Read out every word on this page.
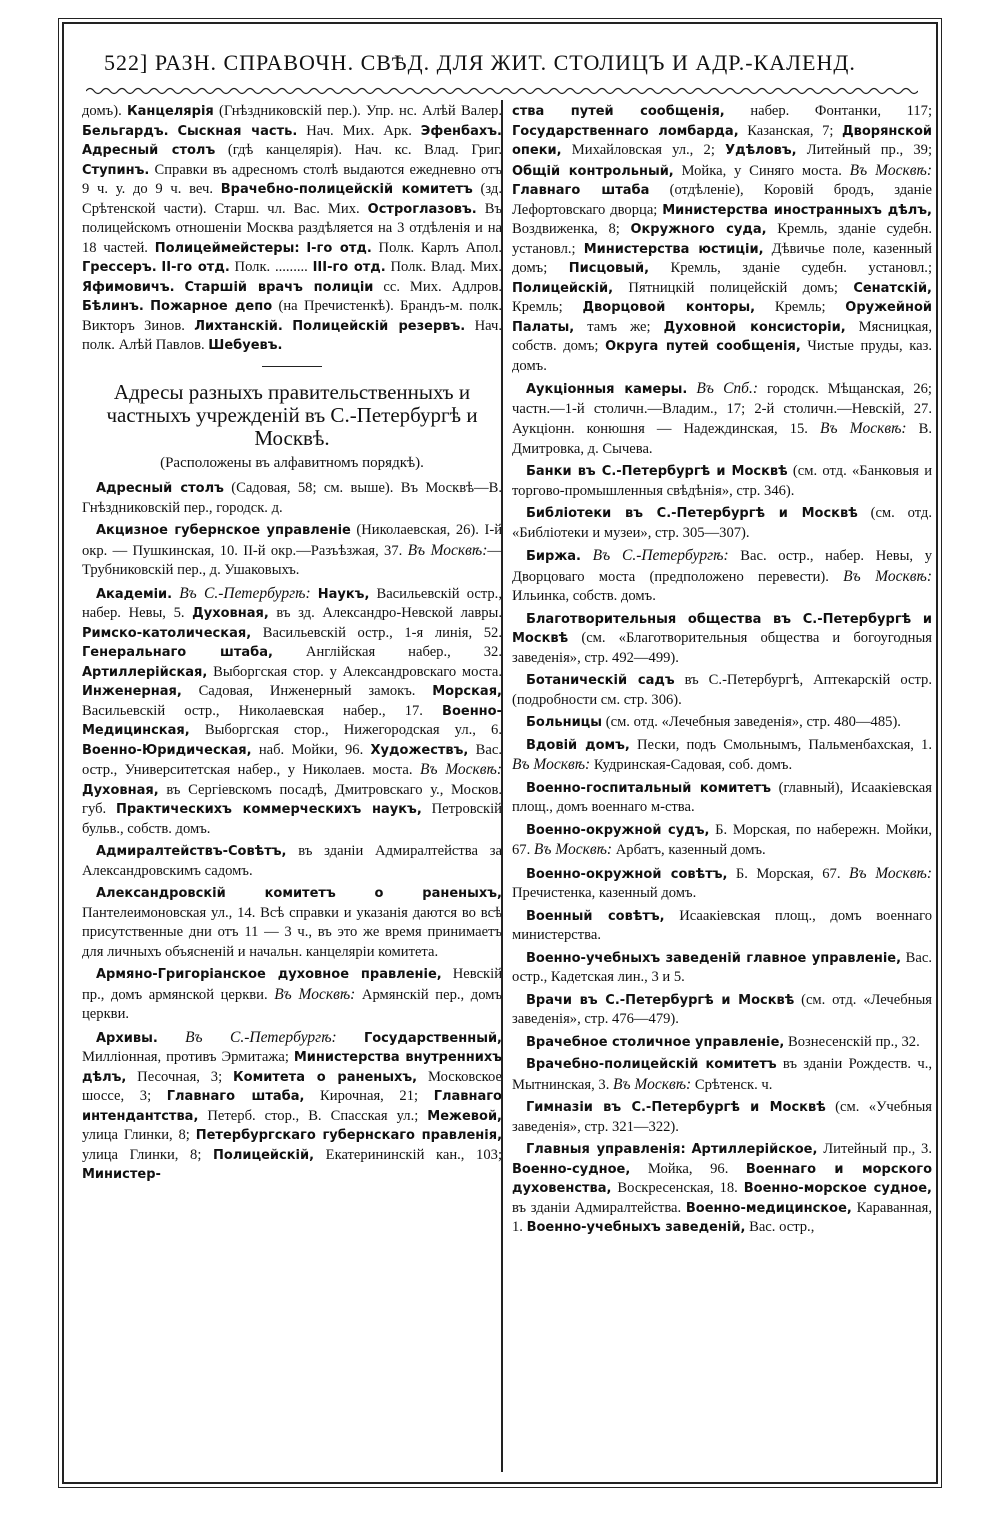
522] РАЗН. СПРАВОЧН. СВѢД. ДЛЯ ЖИТ. СТОЛИЦЪ И АДР.-КАЛЕНД.
домъ). Канцелярія (Гнѣздниковскій пер.). Упр. нс. Алѣй Валер. Бельгардъ. Сыскная часть. Нач. Мих. Арк. Эфенбахъ. Адресный столъ (гдѣ канцелярія). Нач. кс. Влад. Григ. Ступинъ. Справки въ адресномъ столѣ выдаются ежедневно отъ 9 ч. у. до 9 ч. веч. Врачебно-полицейскій комитетъ (зд. Срѣтенской части). Старш. чл. Вас. Мих. Остроглазовъ. Въ полицейскомъ отношеніи Москва раздѣляется на 3 отдѣленія и на 18 частей. Полицеймейстеры: I-го отд. Полк. Карлъ Апол. Грессеръ. II-го отд. Полк. ......... III-го отд. Полк. Влад. Мих. Яфимовичъ. Старшій врачъ полиціи сс. Мих. Адлров. Бѣлинъ. Пожарное депо (на Пречистенкѣ). Брандъ-м. полк. Викторъ Зинов. Лихтанскій. Полицейскій резервъ. Нач. полк. Алѣй Павлов. Шебуевъ.
Адресы разныхъ правительственныхъ и частныхъ учрежденій въ С.-Петербургѣ и Москвѣ.
(Расположены въ алфавитномъ порядкѣ).
Адресный столъ (Садовая, 58; см. выше). Въ Москвѣ—В. Гнѣздниковскій пер., городск. д.
Акцизное губернское управленіе (Николаевская, 26). I-й окр. — Пушкинская, 10. II-й окр.—Разъѣзжая, 37. Въ Москвѣ:—Трубниковскій пер., д. Ушаковыхъ.
Академіи. Въ С.-Петербургѣ: Наукъ, Васильевскій остр., набер. Невы, 5. Духовная, въ зд. Александро-Невской лавры. Римско-католическая, Васильевскій остр., 1-я линія, 52. Генеральнаго штаба, Англійская набер., 32. Артиллерійская, Выборгская стор. у Александровскаго моста. Инженерная, Садовая, Инженерный замокъ. Морская, Васильевскій остр., Николаевская набер., 17. Военно-Медицинская, Выборгская стор., Нижегородская ул., 6. Военно-Юридическая, наб. Мойки, 96. Художествъ, Вас. остр., Университетская набер., у Николаев. моста. Въ Москвѣ: Духовная, въ Сергіевскомъ посадѣ, Дмитровскаго у., Москов. губ. Практическихъ коммерческихъ наукъ, Петровскій бульв., собств. домъ.
Адмиралтействъ-Совѣтъ, въ зданіи Адмиралтейства за Александровскимъ садомъ.
Александровскій комитетъ о раненыхъ, Пантелеимоновская ул., 14. Всѣ справки и указанія даются во всѣ присутственные дни отъ 11 — 3 ч., въ это же время принимаетъ для личныхъ объясненій и начальн. канцеляріи комитета.
Армяно-Григоріанское духовное правленіе, Невскій пр., домъ армянской церкви. Въ Москвѣ: Армянскій пер., домъ церкви.
Архивы. Въ С.-Петербургѣ: Государственный, Милліонная, противъ Эрмитажа; Министерства внутреннихъ дѣлъ, Песочная, 3; Комитета о раненыхъ, Московское шоссе, 3; Главнаго штаба, Кирочная, 21; Главнаго интендантства, Петерб. стор., В. Спасская ул.; Межевой, улица Глинки, 8; Петербургскаго губернскаго правленія, улица Глинки, 8; Полицейскій, Екатерининскій кан., 103; Министер-
ства путей сообщенія, набер. Фонтанки, 117; Государственнаго ломбарда, Казанская, 7; Дворянской опеки, Михайловская ул., 2; Удѣловъ, Литейный пр., 39; Общій контрольный, Мойка, у Синяго моста. Въ Москвѣ: Главнаго штаба (отдѣленіе), Коровій бродъ, зданіе Лефортовскаго дворца; Министерства иностранныхъ дѣлъ, Воздвиженка, 8; Окружного суда, Кремль, зданіе судебн. установл.; Министерства юстиціи, Дѣвичье поле, казенный домъ; Писцовый, Кремль, зданіе судебн. установл.; Полицейскій, Пятницкій полицейскій домъ; Сенатскій, Кремль; Дворцовой конторы, Кремль; Оружейной Палаты, тамъ же; Духовной консисторіи, Мясницкая, собств. домъ; Округа путей сообщенія, Чистые пруды, каз. домъ.
Аукціонныя камеры. Въ Спб.: городск. Мѣщанская, 26; частн.—1-й столичн.—Владим., 17; 2-й столичн.—Невскій, 27. Аукціонн. конюшня — Надеждинская, 15. Въ Москвѣ: В. Дмитровка, д. Сычева.
Банки въ С.-Петербургѣ и Москвѣ (см. отд. «Банковыя и торгово-промышленныя свѣдѣнія», стр. 346).
Библіотеки въ С.-Петербургѣ и Москвѣ (см. отд. «Библіотеки и музеи», стр. 305—307).
Биржа. Въ С.-Петербургѣ: Вас. остр., набер. Невы, у Дворцоваго моста (предположено перевести). Въ Москвѣ: Ильинка, собств. домъ.
Благотворительныя общества въ С.-Петербургѣ и Москвѣ (см. «Благотворительныя общества и богоугодныя заведенія», стр. 492—499).
Ботаническій садъ въ С.-Петербургѣ, Аптекарскій остр. (подробности см. стр. 306).
Больницы (см. отд. «Лечебныя заведенія», стр. 480—485).
Вдовій домъ, Пески, подъ Смольнымъ, Пальменбахская, 1. Въ Москвѣ: Кудринская-Садовая, соб. домъ.
Военно-госпитальный комитетъ (главный), Исаакіевская площ., домъ военнаго м-ства.
Военно-окружной судъ, Б. Морская, по набережн. Мойки, 67. Въ Москвѣ: Арбатъ, казенный домъ.
Военно-окружной совѣтъ, Б. Морская, 67. Въ Москвѣ: Пречистенка, казенный домъ.
Военный совѣтъ, Исаакіевская площ., домъ военнаго министерства.
Военно-учебныхъ заведеній главное управленіе, Вас. остр., Кадетская лин., 3 и 5.
Врачи въ С.-Петербургѣ и Москвѣ (см. отд. «Лечебныя заведенія», стр. 476—479).
Врачебное столичное управленіе, Вознесенскій пр., 32.
Врачебно-полицейскій комитетъ въ зданіи Рождеств. ч., Мытнинская, 3. Въ Москвѣ: Срѣтенск. ч.
Гимназіи въ С.-Петербургѣ и Москвѣ (см. «Учебныя заведенія», стр. 321—322).
Главныя управленія: Артиллерійское, Литейный пр., 3. Военно-судное, Мойка, 96. Военнаго и морского духовенства, Воскресенская, 18. Военно-морское судное, въ зданіи Адмиралтейства. Военно-медицинское, Караванная, 1. Военно-учебныхъ заведеній, Вас. остр.,
